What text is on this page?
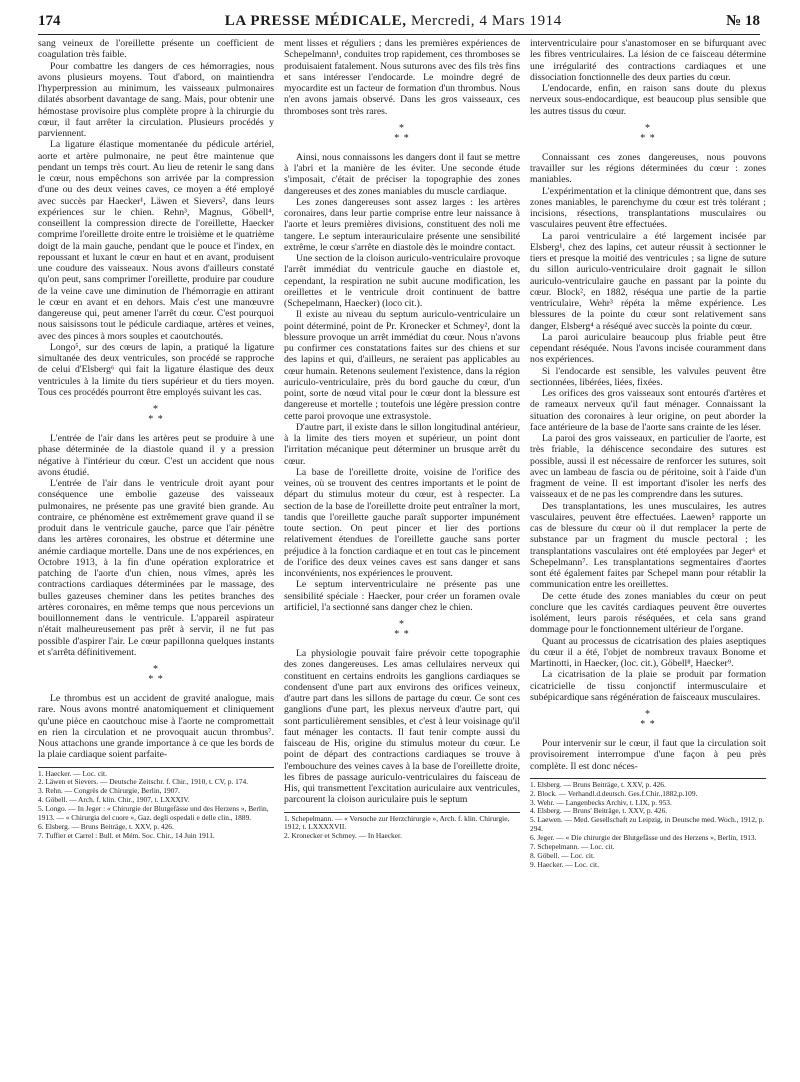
174	LA PRESSE MÉDICALE, Mercredi, 4 Mars 1914	№ 18

sang veineux de l'oreillette présente un coefficient de coagulation très faible.

Pour combattre les dangers de ces hémorragies, nous avons plusieurs moyens. Tout d'abord, on maintiendra l'hyperpression au minimum, les vaisseaux pulmonaires dilatés absorbent davantage de sang. Mais, pour obtenir une hémostase provisoire plus complète propre à la chirurgie du cœur, il faut arrêter la circulation. Plusieurs procédés y parviennent.

La ligature élastique momentanée du pédicule artériel, aorte et artère pulmonaire, ne peut être maintenue que pendant un temps très court. Au lieu de retenir le sang dans le cœur, nous empêchons son arrivée par la compression d'une ou des deux veines caves, ce moyen a été employé avec succès par Haecker¹, Läwen et Sievers², dans leurs expériences sur le chien. Rehn³, Magnus, Göbell⁴, conseillent la compression directe de l'oreillette, Haecker comprime l'oreillette droite entre le troisième et le quatrième doigt de la main gauche, pendant que le pouce et l'index, en repoussant et luxant le cœur en haut et en avant, produisent une coudure des vaisseaux. Nous avons d'ailleurs constaté qu'on peut, sans comprimer l'oreillette, produire par coudure de la veine cave une diminution de l'hémorragie en attirant le cœur en avant et en dehors. Mais c'est une manœuvre dangereuse qui, peut amener l'arrêt du cœur. C'est pourquoi nous saisissons tout le pédicule cardiaque, artères et veines, avec des pinces à mors souples et caoutchoutés.

Longo⁵, sur des cœurs de lapin, a pratiqué la ligature simultanée des deux ventricules, son procédé se rapproche de celui d'Elsberg⁶ qui fait la ligature élastique des deux ventricules à la limite du tiers supérieur et du tiers moyen. Tous ces procédés pourront être employés suivant les cas.

*
* *

L'entrée de l'air dans les artères peut se produire à une phase déterminée de la diastole quand il y a pression négative à l'intérieur du cœur. C'est un accident que nous avons étudié.

L'entrée de l'air dans le ventricule droit ayant pour conséquence une embolie gazeuse des vaisseaux pulmonaires, ne présente pas une gravité bien grande. Au contraire, ce phénomène est extrêmement grave quand il se produit dans le ventricule gauche, parce que l'air pénètre dans les artères coronaires, les obstrue et détermine une anémie cardiaque mortelle. Dans une de nos expériences, en Octobre 1913, à la fin d'une opération exploratrice et patching de l'aorte d'un chien, nous vîmes, après les contractions cardiaques déterminées par le massage, des bulles gazeuses cheminer dans les petites branches des artères coronaires, en même temps que nous percevions un bouillonnement dans le ventricule. L'appareil aspirateur n'était malheureusement pas prêt à servir, il ne fut pas possible d'aspirer l'air. Le cœur papillonna quelques instants et s'arrêta définitivement.

*
* *

Le thrombus est un accident de gravité analogue, mais rare. Nous avons montré anatomiquement et cliniquement qu'une pièce en caoutchouc mise à l'aorte ne compromettait en rien la circulation et ne provoquait aucun thrombus⁷. Nous attachons une grande importance à ce que les bords de la plaie cardiaque soient parfaite-

1. Haecker. — Loc. cit.
2. Läwen et Sievers. — Deutsche Zeitschr. f. Chir., 1910, t. CV, p. 174.
3. Rehn. — Congrès de Chirurgie, Berlin, 1907.
4. Göbell. — Arch. f. klin. Chir., 1907, t. LXXXIV.
5. Longo. — In Jeger : « Chirurgie der Blutgefässe und des Herzens », Berlin, 1913. — « Chirurgia del cuore », Gaz. degli ospedali e delle clin., 1889.
6. Elsberg. — Bruns Beiträge, t. XXV, p. 426.
7. Tuffier et Carrel : Bull. et Mém. Soc. Chir., 14 Juin 1911.

ment lisses et réguliers ; dans les premières expériences de Schepelmann¹, conduites trop rapidement, ces thromboses se produisaient fatalement. Nous suturons avec des fils très fins et sans intéresser l'endocarde. Le moindre degré de myocardite est un facteur de formation d'un thrombus. Nous n'en avons jamais observé. Dans les gros vaisseaux, ces thromboses sont très rares.

*
* *

Ainsi, nous connaissons les dangers dont il faut se mettre à l'abri et la manière de les éviter. Une seconde étude s'imposait, c'était de préciser la topographie des zones dangereuses et des zones maniables du muscle cardiaque.

Les zones dangereuses sont assez larges : les artères coronaires, dans leur partie comprise entre leur naissance à l'aorte et leurs premières divisions, constituent des noli me tangere. Le septum interauriculaire présente une sensibilité extrême, le cœur s'arrête en diastole dès le moindre contact.

Une section de la cloison auriculo-ventriculaire provoque l'arrêt immédiat du ventricule gauche en diastole et, cependant, la respiration ne subit aucune modification, les oreillettes et le ventricule droit continuent de battre (Schepelmann, Haecker) (loco cit.).

Il existe au niveau du septum auriculo-ventriculaire un point déterminé, point de Pr. Kronecker et Schmey², dont la blessure provoque un arrêt immédiat du cœur. Nous n'avons pu confirmer ces constatations faites sur des chiens et sur des lapins et qui, d'ailleurs, ne seraient pas applicables au cœur humain. Retenons seulement l'existence, dans la région auriculo-ventriculaire, près du bord gauche du cœur, d'un point, sorte de nœud vital pour le cœur dont la blessure est dangereuse et mortelle ; toutefois une légère pression contre cette paroi provoque une extrasystole.

D'autre part, il existe dans le sillon longitudinal antérieur, à la limite des tiers moyen et supérieur, un point dont l'irritation mécanique peut déterminer un brusque arrêt du cœur.

La base de l'oreillette droite, voisine de l'orifice des veines, où se trouvent des centres importants et le point de départ du stimulus moteur du cœur, est à respecter. La section de la base de l'oreillette droite peut entraîner la mort, tandis que l'oreillette gauche paraît supporter impunément toute section. On peut pincer et lier des portions relativement étendues de l'oreillette gauche sans porter préjudice à la fonction cardiaque et en tout cas le pincement de l'orifice des deux veines caves est sans danger et sans inconvénients, nos expériences le prouvent.

Le septum interventriculaire ne présente pas une sensibilité spéciale : Haecker, pour créer un foramen ovale artificiel, l'a sectionné sans danger chez le chien.

*
* *

La physiologie pouvait faire prévoir cette topographie des zones dangereuses. Les amas cellulaires nerveux qui constituent en certains endroits les ganglions cardiaques se condensent d'une part aux environs des orifices veineux, d'autre part dans les sillons de partage du cœur. Ce sont ces ganglions d'une part, les plexus nerveux d'autre part, qui sont particulièrement sensibles, et c'est à leur voisinage qu'il faut ménager les contacts. Il faut tenir compte aussi du faisceau de His, origine du stimulus moteur du cœur. Le point de départ des contractions cardiaques se trouve à l'embouchure des veines caves à la base de l'oreillette droite, les fibres de passage auriculo-ventriculaires du faisceau de His, qui transmettent l'excitation auriculaire aux ventricules, parcourent la cloison auriculaire puis le septum

1. Schepelmann. — « Versuche zur Herzchirurgie », Arch. f. klin. Chirurgie, 1912, t. LXXXXVII.
2. Kronecker et Schmey. — In Haecker.

interventriculaire pour s'anastomoser en se bifurquant avec les fibres ventriculaires. La lésion de ce faisceau détermine une irrégularité des contractions cardiaques et une dissociation fonctionnelle des deux parties du cœur.

L'endocarde, enfin, en raison sans doute du plexus nerveux sous-endocardique, est beaucoup plus sensible que les autres tissus du cœur.

*
* *

Connaissant ces zones dangereuses, nous pouvons travailler sur les régions déterminées du cœur : zones maniables.

L'expérimentation et la clinique démontrent que, dans ses zones maniables, le parenchyme du cœur est très tolérant ; incisions, résections, transplantations musculaires ou vasculaires peuvent être effectuées.

La paroi ventriculaire a été largement incisée par Elsberg¹, chez des lapins, cet auteur réussit à sectionner le tiers et presque la moitié des ventricules ; sa ligne de suture du sillon auriculo-ventriculaire droit gagnait le sillon auriculo-ventriculaire gauche en passant par la pointe du cœur. Block², en 1882, réséqua une partie de la partie ventriculaire, Wehr³ répéta la même expérience. Les blessures de la pointe du cœur sont relativement sans danger, Elsberg⁴ a réséqué avec succès la pointe du cœur.

La paroi auriculaire beaucoup plus friable peut être cependant réséquée. Nous l'avons incisée couramment dans nos expériences.

Si l'endocarde est sensible, les valvules peuvent être sectionnées, libérées, liées, fixées.

Les orifices des gros vaisseaux sont entourés d'artères et de rameaux nerveux qu'il faut ménager. Connaissant la situation des coronaires à leur origine, on peut aborder la face antérieure de la base de l'aorte sans crainte de les léser.

La paroi des gros vaisseaux, en particulier de l'aorte, est très friable, la déhiscence secondaire des sutures est possible, aussi il est nécessaire de renforcer les sutures, soit avec un lambeau de fascia ou de péritoine, soit à l'aide d'un fragment de veine. Il est important d'isoler les nerfs des vaisseaux et de ne pas les comprendre dans les sutures.

Des transplantations, les unes musculaires, les autres vasculaires, peuvent être effectuées. Laewen⁵ rapporte un cas de blessure du cœur où il dut remplacer la perte de substance par un fragment du muscle pectoral ; les transplantations vasculaires ont été employées par Jeger⁶ et Schepelmann⁷. Les transplantations segmentaires d'aortes sont été également faites par Schepel mann pour rétablir la communication entre les oreillettes.

De cette étude des zones maniables du cœur on peut conclure que les cavités cardiaques peuvent être ouvertes isolément, leurs parois réséquées, et cela sans grand dommage pour le fonctionnement ultérieur de l'organe.

Quant au processus de cicatrisation des plaies aseptiques du cœur il a été, l'objet de nombreux travaux Bonome et Martinotti, in Haecker, (loc. cit.), Göbell⁸, Haecker⁹.

La cicatrisation de la plaie se produit par formation cicatricielle de tissu conjonctif intermusculaire et subépicardique sans régénération de faisceaux musculaires.

*
* *

Pour intervenir sur le cœur, il faut que la circulation soit provisoirement interrompue d'une façon à peu près complète. Il est donc néces-

1. Elsberg. — Bruns Beiträge, t. XXV, p. 426.
2. Block. — Verhandl.d.deutsch. Ges.f.Chir.,1882,p.109.
3. Wehr. — Langenbecks Archiv, t. LIX, p. 953.
4. Elsberg. — Bruns' Beiträge, t. XXV, p. 426.
5. Laewen. — Med. Gesellschaft zu Leipzig, in Deutsche med. Woch., 1912, p. 294.
6. Jeger. — « Die chirurgie der Blutgefässe und des Herzens », Berlin, 1913.
7. Schepelmann. — Loc. cit.
8. Göbell. — Loc. cit.
9. Haecker. — Loc. cit.
